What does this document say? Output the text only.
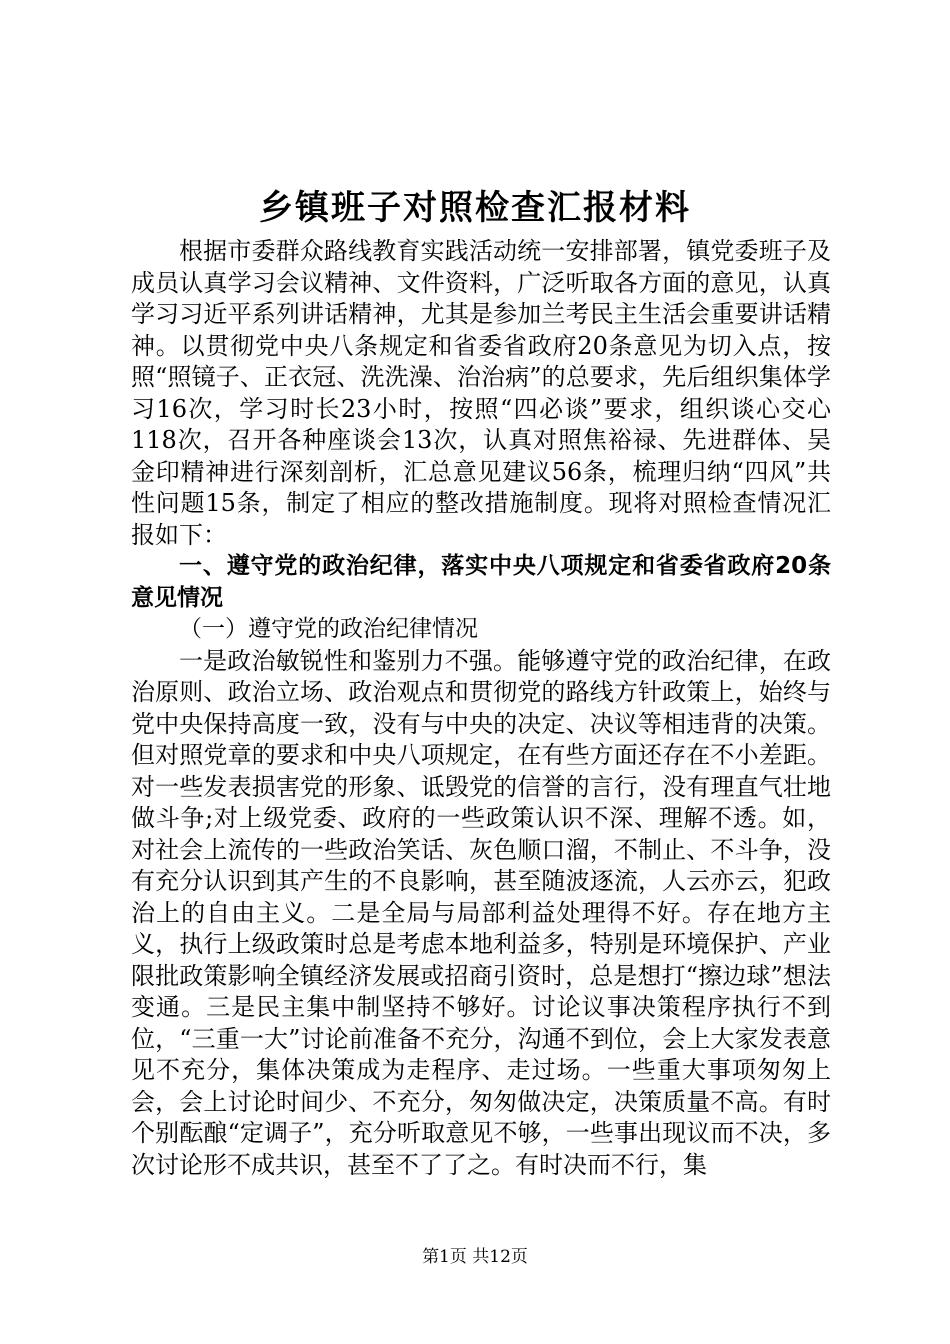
乡镇班子对照检查汇报材料

根据市委群众路线教育实践活动统一安排部署，镇党委班子及成员认真学习会议精神、文件资料，广泛听取各方面的意见，认真学习习近平系列讲话精神，尤其是参加兰考民主生活会重要讲话精神。以贯彻党中央八条规定和省委省政府20条意见为切入点，按照“照镜子、正衣冠、洗洗澡、治治病”的总要求，先后组织集体学习16次，学习时长23小时，按照“四必谈”要求，组织谈心交心118次，召开各种座谈会13次，认真对照焦裕禄、先进群体、吴金印精神进行深刻剖析，汇总意见建议56条，梳理归纳“四风”共性问题15条，制定了相应的整改措施制度。现将对照检查情况汇报如下：

一、遵守党的政治纪律，落实中央八项规定和省委省政府20条意见情况

（一）遵守党的政治纪律情况

一是政治敏锐性和鉴别力不强。能够遵守党的政治纪律，在政治原则、政治立场、政治观点和贯彻党的路线方针政策上，始终与党中央保持高度一致，没有与中央的决定、决议等相违背的决策。但对照党章的要求和中央八项规定，在有些方面还存在不小差距。对一些发表损害党的形象、诋毁党的信誉的言行，没有理直气壮地做斗争;对上级党委、政府的一些政策认识不深、理解不透。如，对社会上流传的一些政治笑话、灰色顺口溜，不制止、不斗争，没有充分认识到其产生的不良影响，甚至随波逐流，人云亦云，犯政治上的自由主义。二是全局与局部利益处理得不好。存在地方主义，执行上级政策时总是考虑本地利益多，特别是环境保护、产业限批政策影响全镇经济发展或招商引资时，总是想打“擦边球”想法变通。三是民主集中制坚持不够好。讨论议事决策程序执行不到位，“三重一大”讨论前准备不充分，沟通不到位，会上大家发表意见不充分，集体决策成为走程序、走过场。一些重大事项匆匆上会，会上讨论时间少、不充分，匆匆做决定，决策质量不高。有时个别酝酿“定调子”，充分听取意见不够，一些事出现议而不决，多次讨论形不成共识，甚至不了了之。有时决而不行，集

第1页 共12页
